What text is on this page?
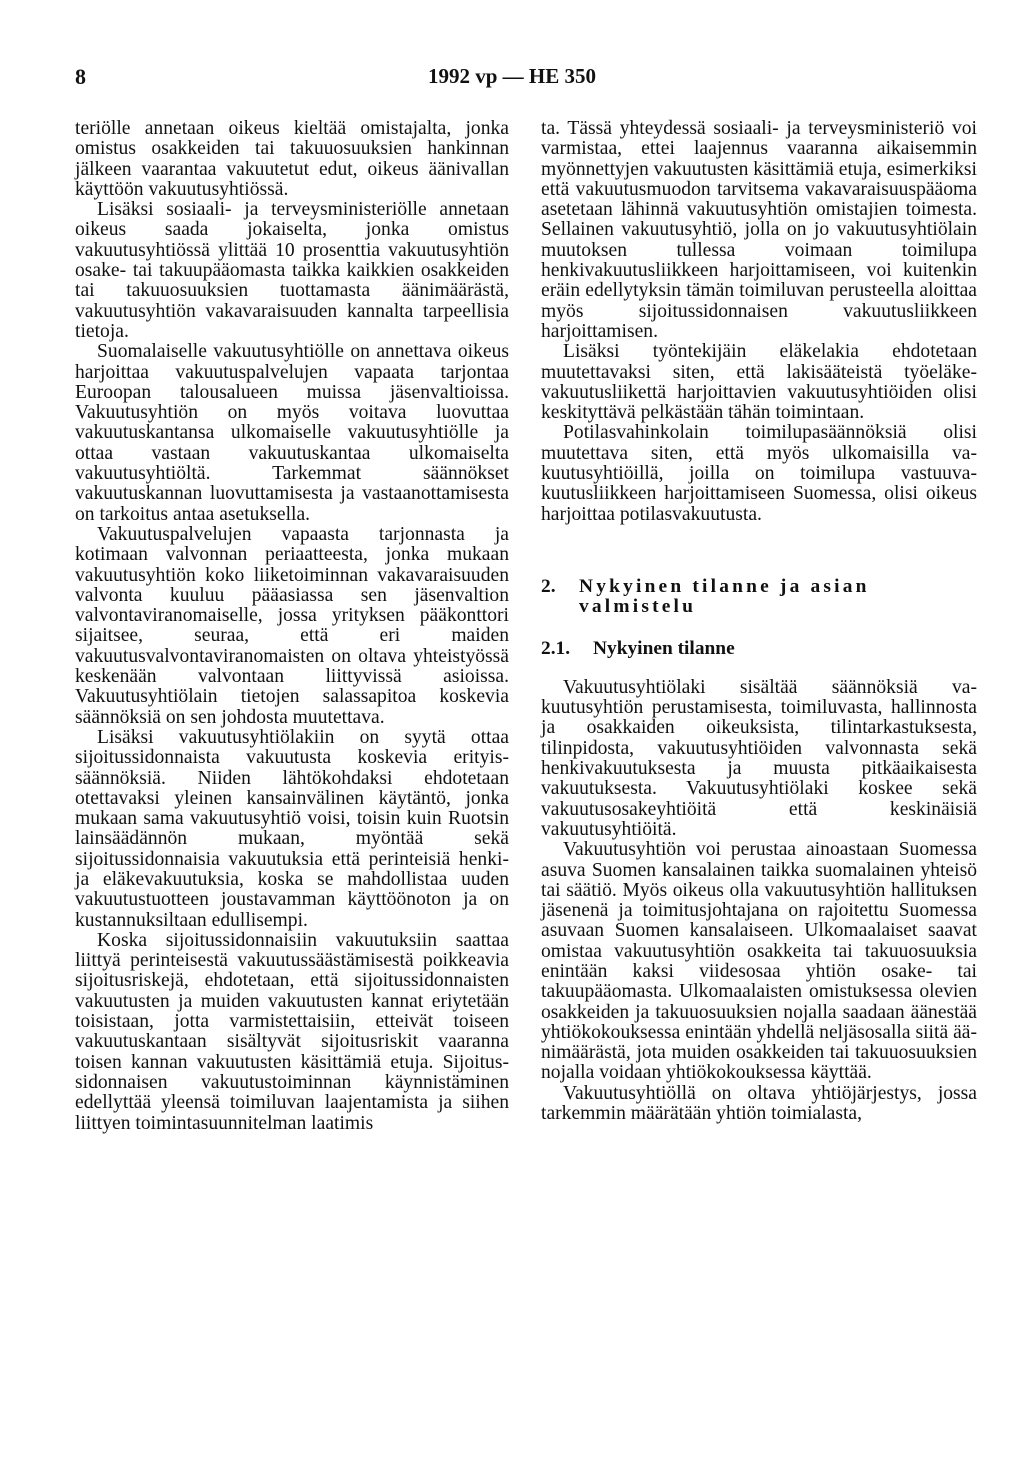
8	1992 vp — HE 350

teriölle annetaan oikeus kieltää omistajalta, jonka omistus osakkeiden tai takuuosuuksien hankinnan jälkeen vaarantaa vakuutetut edut, oikeus äänivallan käyttöön vakuutusyhtiössä.

Lisäksi sosiaali- ja terveysministeriölle annetaan oikeus saada jokaiselta, jonka omistus vakuutusyhtiössä ylittää 10 prosenttia vakuutusyhtiön osake- tai takuupääomasta taikka kaikkien osakkeiden tai takuuosuuksien tuottamasta äänimäärästä, vakuutusyhtiön vakavaraisuuden kannalta tarpeellisia tietoja.

Suomalaiselle vakuutusyhtiölle on annettava oikeus harjoittaa vakuutuspalvelujen vapaata tarjontaa Euroopan talousalueen muissa jäsenvaltioissa. Vakuutusyhtiön on myös voitava luovuttaa vakuutuskantansa ulkomaiselle vakuutusyhtiölle ja ottaa vastaan vakuutuskantaa ulkomaiselta vakuutusyhtiöltä. Tarkemmat säännökset vakuutuskannan luovuttamisesta ja vastaanottamisesta on tarkoitus antaa asetuksella.

Vakuutuspalvelujen vapaasta tarjonnasta ja kotimaan valvonnan periaatteesta, jonka mukaan vakuutusyhtiön koko liiketoiminnan vakavaraisuuden valvonta kuuluu pääasiassa sen jäsenvaltion valvontaviranomaiselle, jossa yrityksen pääkonttori sijaitsee, seuraa, että eri maiden vakuutusvalvontaviranomaisten on oltava yhteistyössä keskenään valvontaan liittyvissä asioissa. Vakuutusyhtiölain tietojen salassapitoa koskevia säännöksiä on sen johdosta muutettava.

Lisäksi vakuutusyhtiölakiin on syytä ottaa sijoitussidonnaista vakuutusta koskevia erityissäännöksiä. Niiden lähtökohdaksi ehdotetaan otettavaksi yleinen kansainvälinen käytäntö, jonka mukaan sama vakuutusyhtiö voisi, toisin kuin Ruotsin lainsäädännön mukaan, myöntää sekä sijoitussidonnaisia vakuutuksia että perinteisiä henki- ja eläkevakuutuksia, koska se mahdollistaa uuden vakuutustuotteen joustavamman käyttöönoton ja on kustannuksiltaan edullisempi.

Koska sijoitussidonnaisiin vakuutuksiin saattaa liittyä perinteisestä vakuutussäästämisestä poikkeavia sijoitusriskejä, ehdotetaan, että sijoitussidonnaisten vakuutusten ja muiden vakuutusten kannat eriytetään toisistaan, jotta varmistettaisiin, etteivät toiseen vakuutuskantaan sisältyvät sijoitusriskit vaaranna toisen kannan vakuutusten käsittämiä etuja. Sijoitussidonnaisen vakuutustoiminnan käynnistäminen edellyttää yleensä toimiluvan laajentamista ja siihen liittyen toimintasuunnitelman laatimis

ta. Tässä yhteydessä sosiaali- ja terveysministeriö voi varmistaa, ettei laajennus vaaranna aikaisemmin myönnettyjen vakuutusten käsittämiä etuja, esimerkiksi että vakuutusmuodon tarvitsema vakavaraisuuspääoma asetetaan lähinnä vakuutusyhtiön omistajien toimesta. Sellainen vakuutusyhtiö, jolla on jo vakuutusyhtiölain muutoksen tullessa voimaan toimilupa henkivakuutusliikkeen harjoittamiseen, voi kuitenkin eräin edellytyksin tämän toimiluvan perusteella aloittaa myös sijoitussidonnaisen vakuutusliikkeen harjoittamisen.

Lisäksi työntekijäin eläkelakia ehdotetaan muutettavaksi siten, että lakisääteistä työeläkevakuutusliikettä harjoittavien vakuutusyhtiöiden olisi keskityttävä pelkästään tähän toimintaan.

Potilasvahinkolain toimilupasäännöksiä olisi muutettava siten, että myös ulkomaisilla vakuutusyhtiöillä, joilla on toimilupa vastuuvakuutusliikkeen harjoittamiseen Suomessa, olisi oikeus harjoittaa potilasvakuutusta.

2.	Nykyinen tilanne ja asian valmistelu
2.1.	Nykyinen tilanne

Vakuutusyhtiölaki sisältää säännöksiä vakuutusyhtiön perustamisesta, toimiluvasta, hallinnosta ja osakkaiden oikeuksista, tilintarkastuksesta, tilinpidosta, vakuutusyhtiöiden valvonnasta sekä henkivakuutuksesta ja muusta pitkäaikaisesta vakuutuksesta. Vakuutusyhtiölaki koskee sekä vakuutusosakeyhtiöitä että keskinäisiä vakuutusyhtiöitä.

Vakuutusyhtiön voi perustaa ainoastaan Suomessa asuva Suomen kansalainen taikka suomalainen yhteisö tai säätiö. Myös oikeus olla vakuutusyhtiön hallituksen jäsenenä ja toimitusjohtajana on rajoitettu Suomessa asuvaan Suomen kansalaiseen. Ulkomaalaiset saavat omistaa vakuutusyhtiön osakkeita tai takuuosuuksia enintään kaksi viidesosaa yhtiön osake- tai takuupääomasta. Ulkomaalaisten omistuksessa olevien osakkeiden ja takuuosuuksien nojalla saadaan äänestää yhtiökokouksessa enintään yhdellä neljäsosalla siitä äänimäärästä, jota muiden osakkeiden tai takuuosuuksien nojalla voidaan yhtiökokouksessa käyttää.

Vakuutusyhtiöllä on oltava yhtiöjärjestys, jossa tarkemmin määrätään yhtiön toimialasta,
